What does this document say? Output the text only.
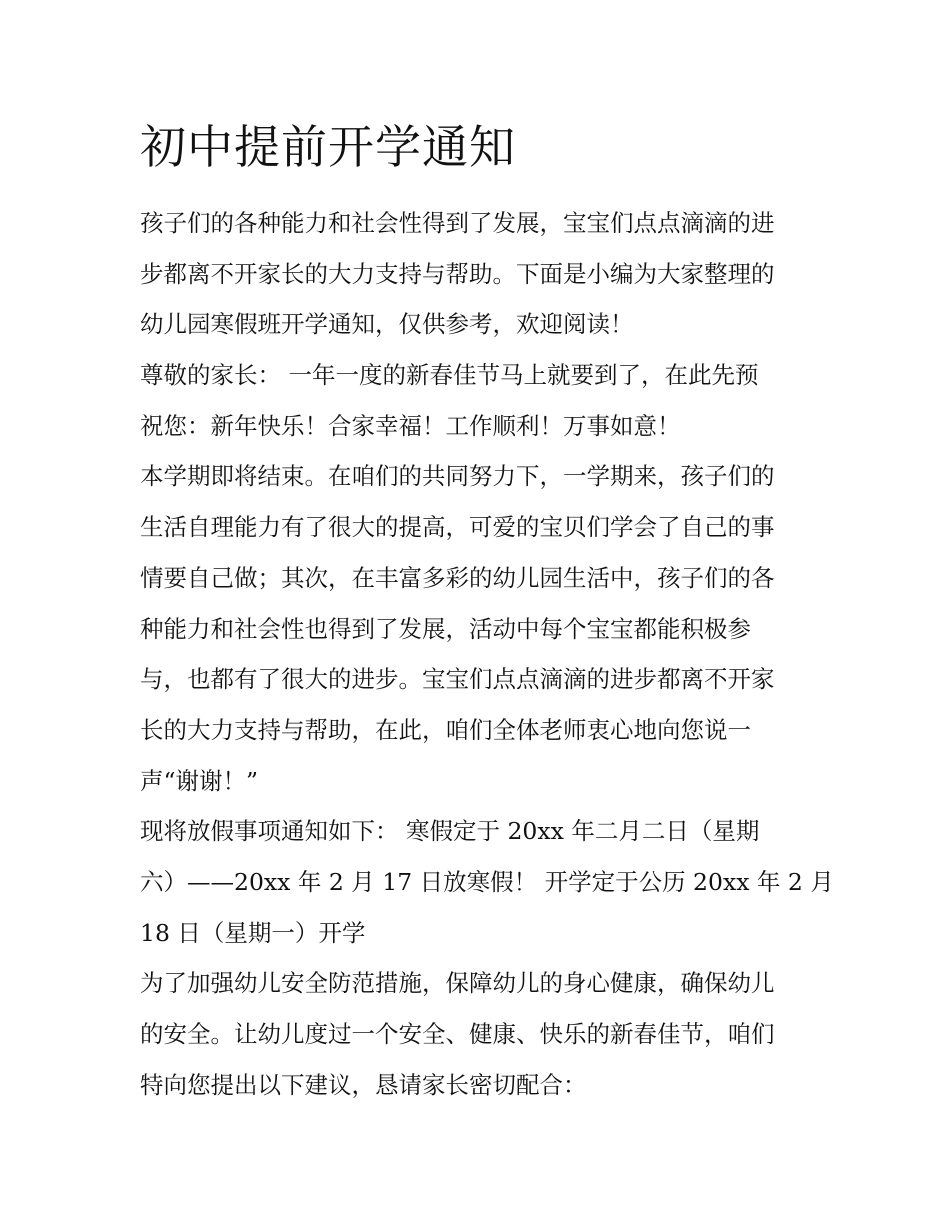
初中提前开学通知
孩子们的各种能力和社会性得到了发展，宝宝们点点滴滴的进
步都离不开家长的大力支持与帮助。下面是小编为大家整理的
幼儿园寒假班开学通知，仅供参考，欢迎阅读！
尊敬的家长： 一年一度的新春佳节马上就要到了，在此先预
祝您：新年快乐！合家幸福！工作顺利！万事如意！
本学期即将结束。在咱们的共同努力下，一学期来，孩子们的
生活自理能力有了很大的提高，可爱的宝贝们学会了自己的事
情要自己做；其次，在丰富多彩的幼儿园生活中，孩子们的各
种能力和社会性也得到了发展，活动中每个宝宝都能积极参
与，也都有了很大的进步。宝宝们点点滴滴的进步都离不开家
长的大力支持与帮助，在此，咱们全体老师衷心地向您说一
声“谢谢！”
现将放假事项通知如下： 寒假定于 20xx 年二月二日（星期
六）——20xx 年 2 月 17 日放寒假！ 开学定于公历 20xx 年 2 月
18 日（星期一）开学
为了加强幼儿安全防范措施，保障幼儿的身心健康，确保幼儿
的安全。让幼儿度过一个安全、健康、快乐的新春佳节，咱们
特向您提出以下建议，恳请家长密切配合：
